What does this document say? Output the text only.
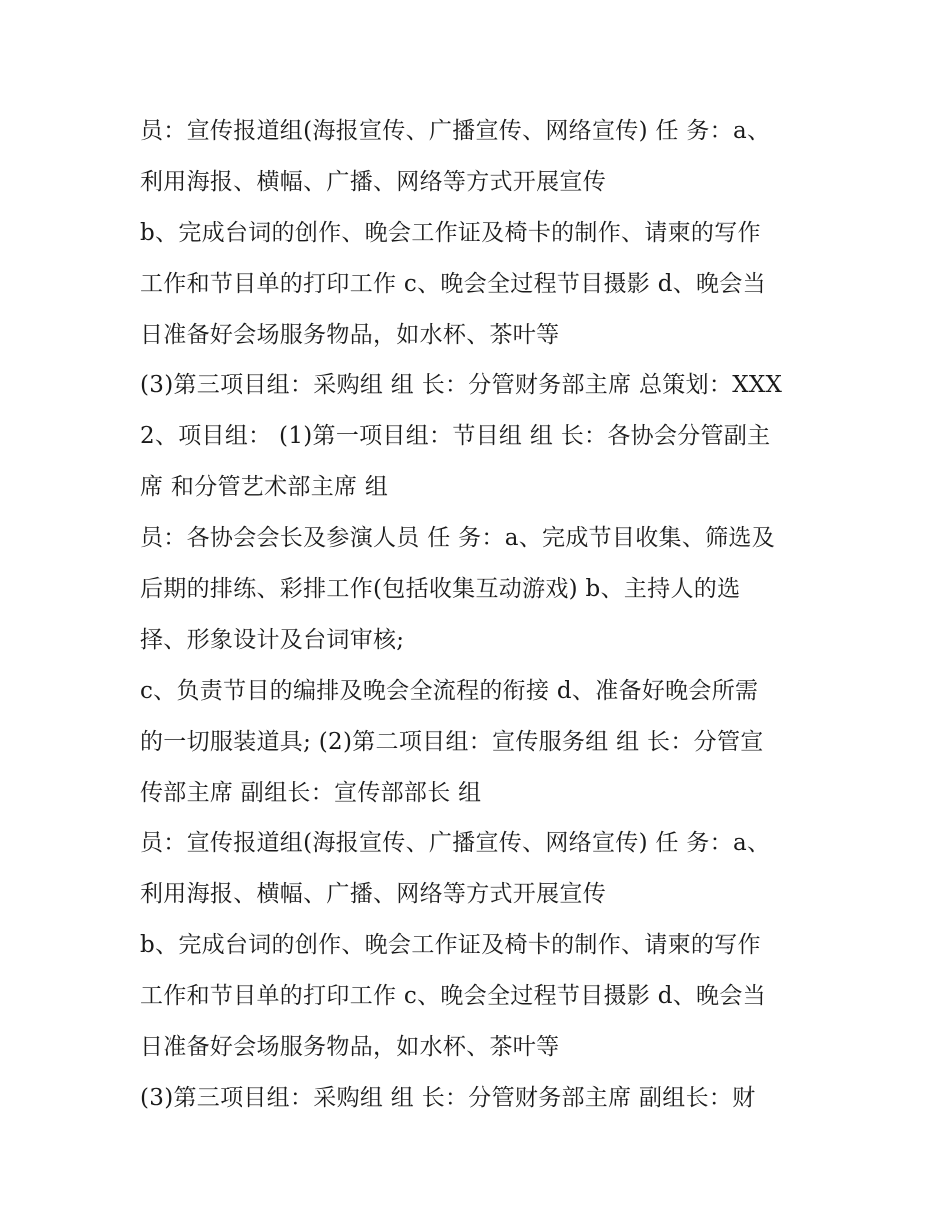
员：宣传报道组(海报宣传、广播宣传、网络宣传) 任 务：a、
利用海报、横幅、广播、网络等方式开展宣传
b、完成台词的创作、晚会工作证及椅卡的制作、请柬的写作
工作和节目单的打印工作 c、晚会全过程节目摄影 d、晚会当
日准备好会场服务物品，如水杯、茶叶等
(3)第三项目组：采购组 组 长：分管财务部主席 总策划：XXX
2、项目组： (1)第一项目组：节目组 组 长：各协会分管副主
席 和分管艺术部主席 组
员：各协会会长及参演人员 任 务：a、完成节目收集、筛选及
后期的排练、彩排工作(包括收集互动游戏) b、主持人的选
择、形象设计及台词审核;
c、负责节目的编排及晚会全流程的衔接 d、准备好晚会所需
的一切服装道具; (2)第二项目组：宣传服务组 组 长：分管宣
传部主席 副组长：宣传部部长 组
员：宣传报道组(海报宣传、广播宣传、网络宣传) 任 务：a、
利用海报、横幅、广播、网络等方式开展宣传
b、完成台词的创作、晚会工作证及椅卡的制作、请柬的写作
工作和节目单的打印工作 c、晚会全过程节目摄影 d、晚会当
日准备好会场服务物品，如水杯、茶叶等
(3)第三项目组：采购组 组 长：分管财务部主席 副组长：财
